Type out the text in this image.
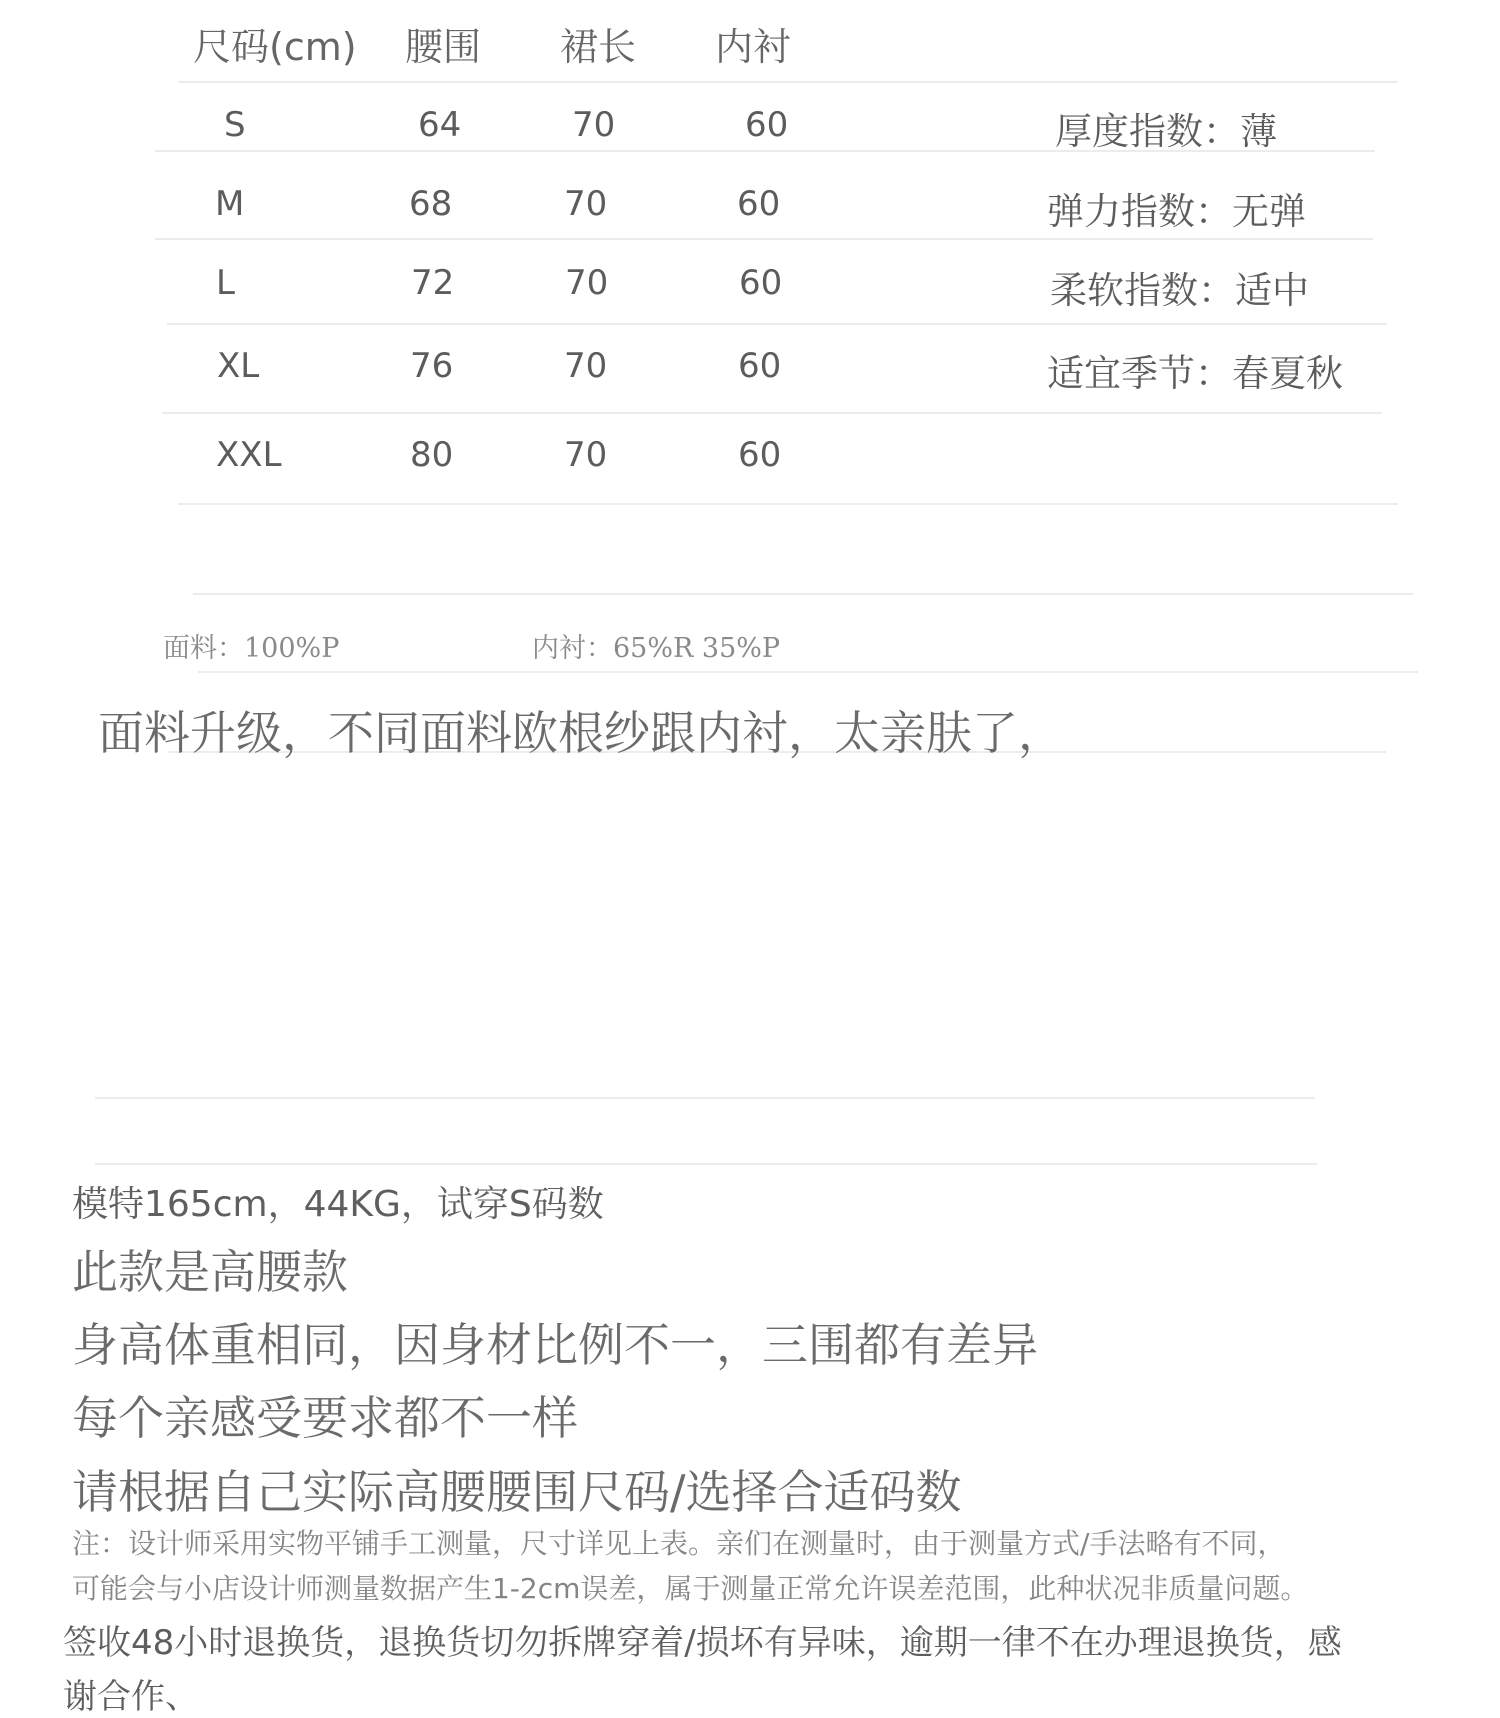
尺码(cm) 腰围 裙长 内衬
S	64	70	60
M	68	70	60
L	72	70	60
XL	76	70	60
XXL	80	70	60
厚度指数：薄
弹力指数：无弹
柔软指数：适中
适宜季节：春夏秋
面料：100%P	内衬：65%R 35%P
面料升级，不同面料欧根纱跟内衬，太亲肤了，
模特165cm，44KG，试穿S码数
此款是高腰款
身高体重相同，因身材比例不一，三围都有差异
每个亲感受要求都不一样
请根据自己实际高腰腰围尺码/选择合适码数
注：设计师采用实物平铺手工测量，尺寸详见上表。亲们在测量时，由于测量方式/手法略有不同，
可能会与小店设计师测量数据产生1-2cm误差，属于测量正常允许误差范围，此种状况非质量问题。
签收48小时退换货，退换货切勿拆牌穿着/损坏有异味，逾期一律不在办理退换货，感
谢合作、
